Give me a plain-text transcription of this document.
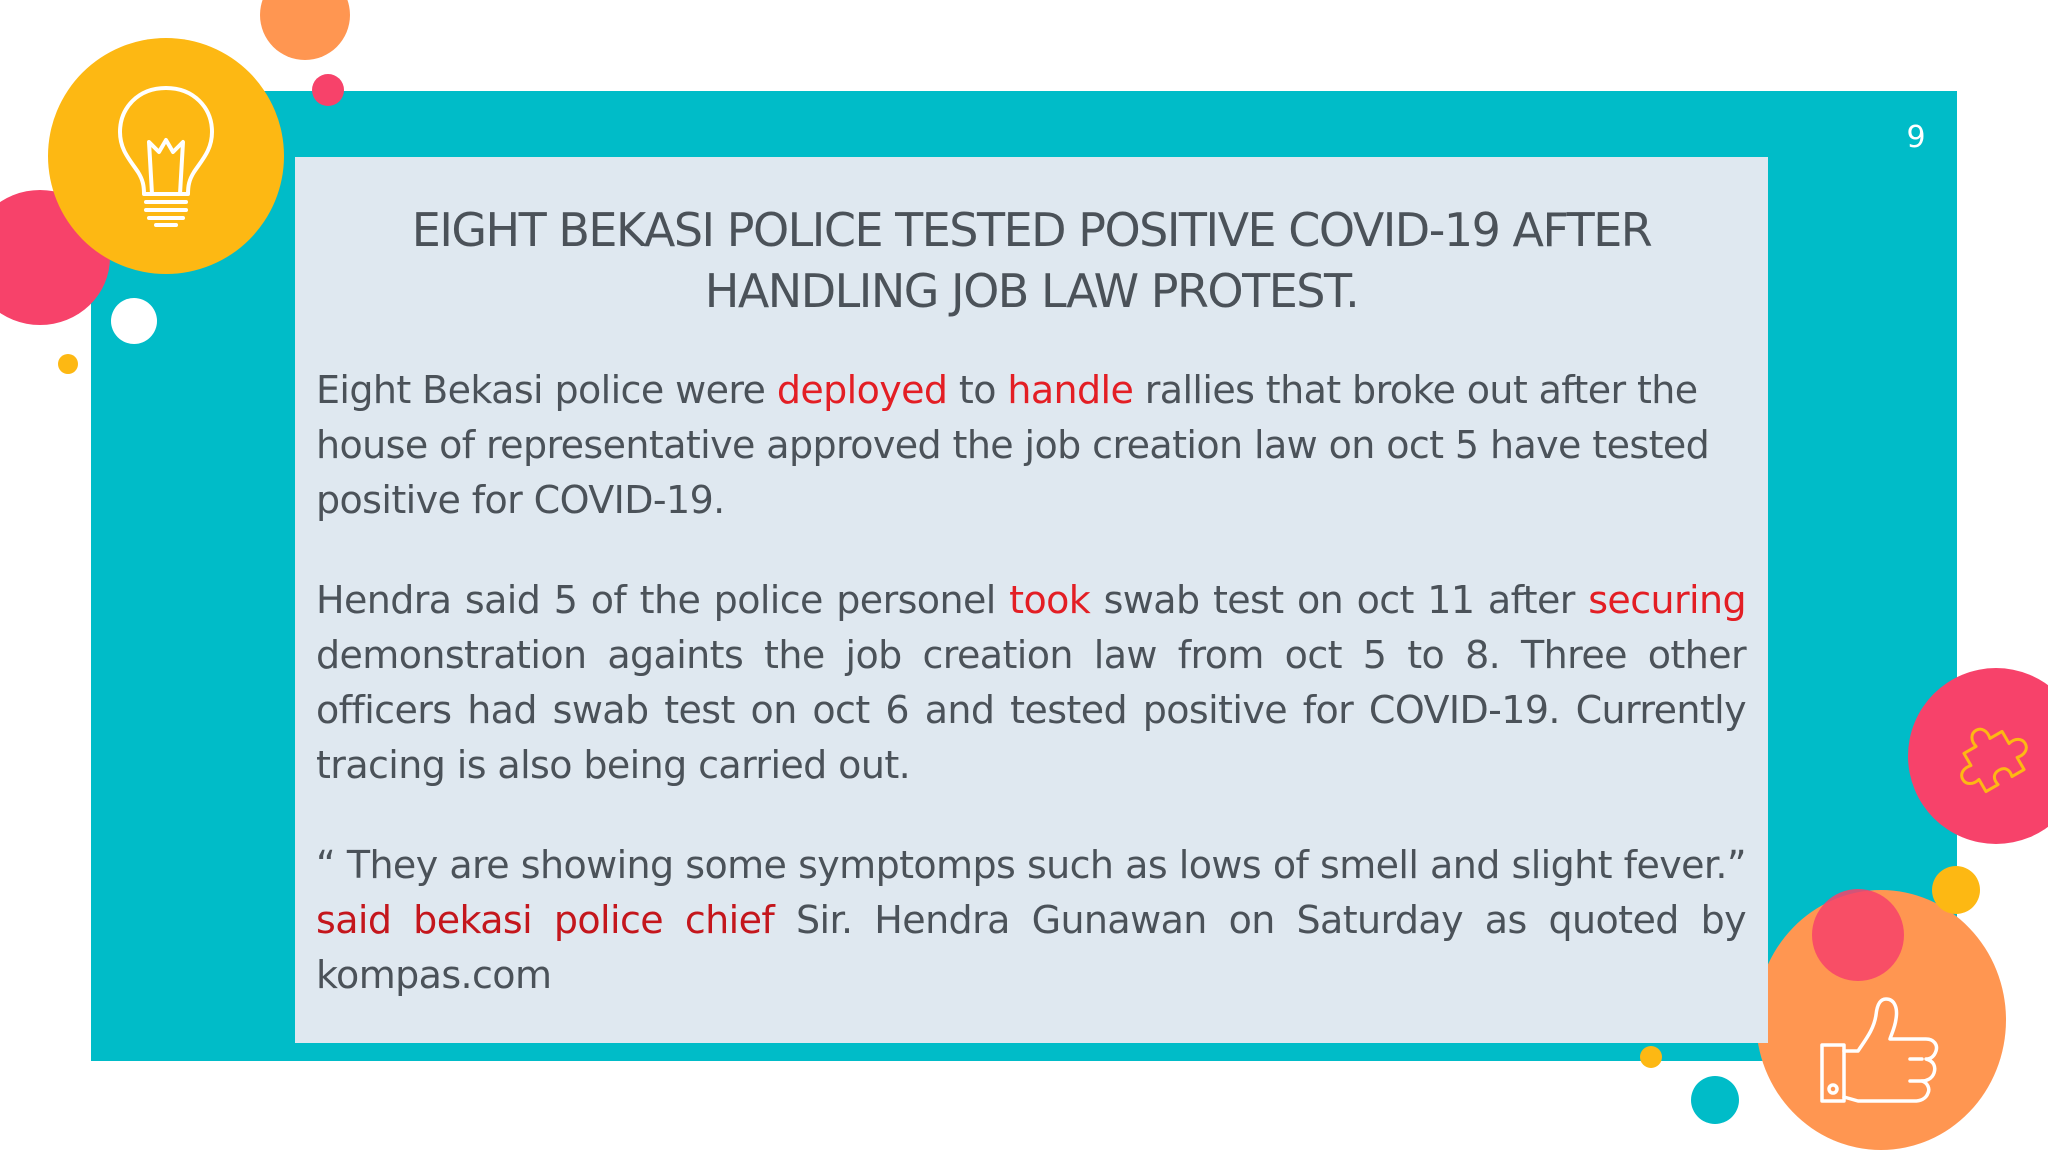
9
EIGHT BEKASI POLICE TESTED POSITIVE COVID-19 AFTER
HANDLING JOB LAW PROTEST.

Eight Bekasi police were deployed to handle rallies that broke out after the house of representative approved the job creation law on oct 5 have tested positive for COVID-19.

Hendra said 5 of the police personel took swab test on oct 11 after securing demonstration againts the job creation law from oct 5 to 8. Three other officers had swab test on oct 6 and tested positive for COVID-19. Currently tracing is also being carried out.

“ They are showing some symptomps such as lows of smell and slight fever.” said bekasi police chief Sir. Hendra Gunawan on Saturday as quoted by kompas.com
